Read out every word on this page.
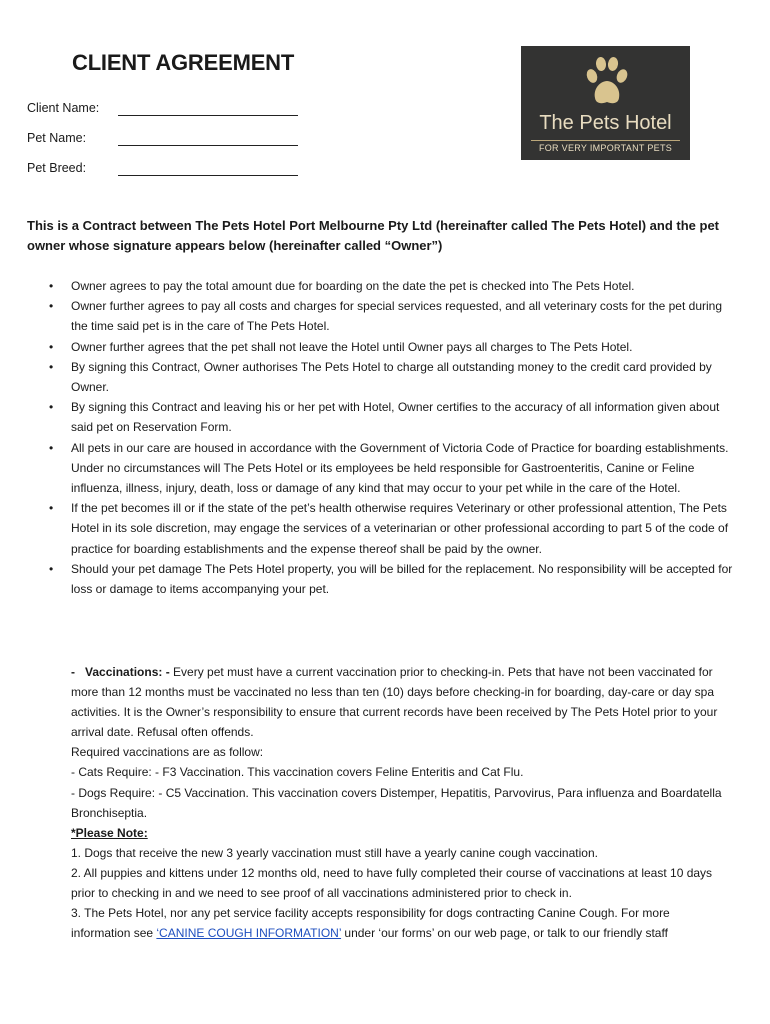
CLIENT AGREEMENT
Client Name:
Pet Name:
Pet Breed:
The Pets Hotel
FOR VERY IMPORTANT PETS

This is a Contract between The Pets Hotel Port Melbourne Pty Ltd (hereinafter called The Pets Hotel) and the pet owner whose signature appears below (hereinafter called “Owner”)

• Owner agrees to pay the total amount due for boarding on the date the pet is checked into The Pets Hotel.
• Owner further agrees to pay all costs and charges for special services requested, and all veterinary costs for the pet during the time said pet is in the care of The Pets Hotel.
• Owner further agrees that the pet shall not leave the Hotel until Owner pays all charges to The Pets Hotel.
• By signing this Contract, Owner authorises The Pets Hotel to charge all outstanding money to the credit card provided by Owner.
• By signing this Contract and leaving his or her pet with Hotel, Owner certifies to the accuracy of all information given about said pet on Reservation Form.
• All pets in our care are housed in accordance with the Government of Victoria Code of Practice for boarding establishments. Under no circumstances will The Pets Hotel or its employees be held responsible for Gastroenteritis, Canine or Feline influenza, illness, injury, death, loss or damage of any kind that may occur to your pet while in the care of the Hotel.
• If the pet becomes ill or if the state of the pet’s health otherwise requires Veterinary or other professional attention, The Pets Hotel in its sole discretion, may engage the services of a veterinarian or other professional according to part 5 of the code of practice for boarding establishments and the expense thereof shall be paid by the owner.
• Should your pet damage The Pets Hotel property, you will be billed for the replacement. No responsibility will be accepted for loss or damage to items accompanying your pet.

- Vaccinations: - Every pet must have a current vaccination prior to checking-in. Pets that have not been vaccinated for more than 12 months must be vaccinated no less than ten (10) days before checking-in for boarding, day-care or day spa activities. It is the Owner’s responsibility to ensure that current records have been received by The Pets Hotel prior to your arrival date. Refusal often offends.

Required vaccinations are as follow:

- Cats Require: - F3 Vaccination. This vaccination covers Feline Enteritis and Cat Flu.

- Dogs Require: - C5 Vaccination. This vaccination covers Distemper, Hepatitis, Parvovirus, Para influenza and Boardatella Bronchiseptia.

*Please Note:

1. Dogs that receive the new 3 yearly vaccination must still have a yearly canine cough vaccination.

2. All puppies and kittens under 12 months old, need to have fully completed their course of vaccinations at least 10 days prior to checking in and we need to see proof of all vaccinations administered prior to check in.

3. The Pets Hotel, nor any pet service facility accepts responsibility for dogs contracting Canine Cough. For more information see ‘CANINE COUGH INFORMATION’ under ‘our forms’ on our web page, or talk to our friendly staff
